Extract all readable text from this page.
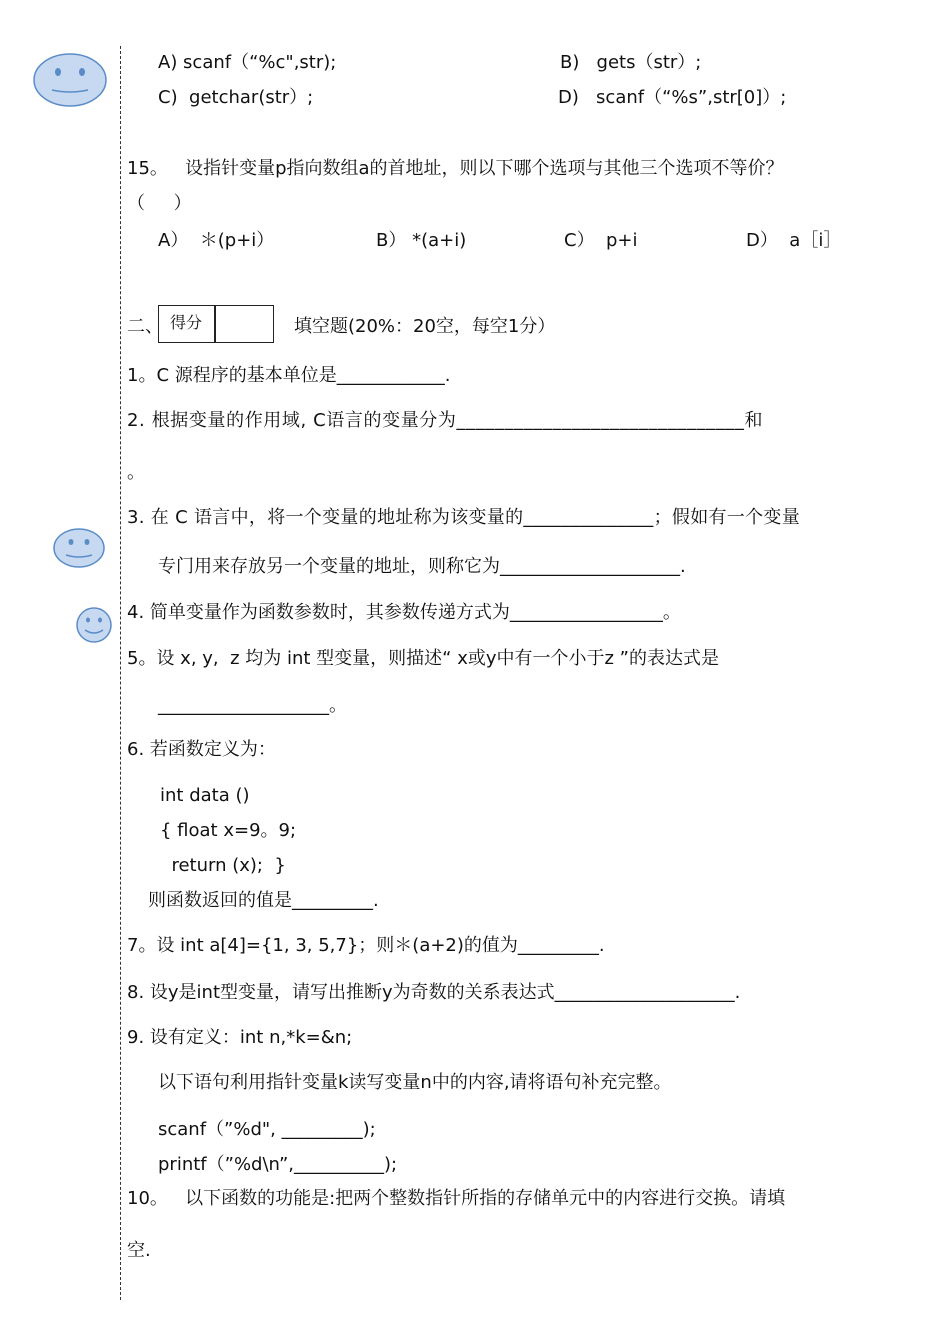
A) scanf（“%c",str);	B)   gets（str）;
C)  getchar(str）;	D)   scanf（“%s”,str[0]）;
15。   设指针变量p指向数组a的首地址，则以下哪个选项与其他三个选项不等价？
（     ）
A）  ＊(p+i）	B） *(a+i)	C）  p+i	D）  a［i］
二、 得分	填空题(20%：20空，每空1分）
1。C 源程序的基本单位是____________.
2. 根据变量的作用域, C语言的变量分为______________________________和
。
3. 在 C 语言中，将一个变量的地址称为该变量的______________；假如有一个变量
专门用来存放另一个变量的地址，则称它为____________________.
4. 简单变量作为函数参数时，其参数传递方式为_________________。
5。设 x, y,  z 均为 int 型变量，则描述“ x或y中有一个小于z ”的表达式是
___________________。
6. 若函数定义为：
int data ()
{ float x=9。9;
return (x);  }
则函数返回的值是_________.
7。设 int a[4]={1, 3, 5,7}；则＊(a+2)的值为_________.
8. 设y是int型变量，请写出推断y为奇数的关系表达式____________________.
9. 设有定义：int n,*k=&n;
以下语句利用指针变量k读写变量n中的内容,请将语句补充完整。
scanf（”%d", _________);
printf（”%d\n”,__________);
10。   以下函数的功能是:把两个整数指针所指的存储单元中的内容进行交换。请填
空.
